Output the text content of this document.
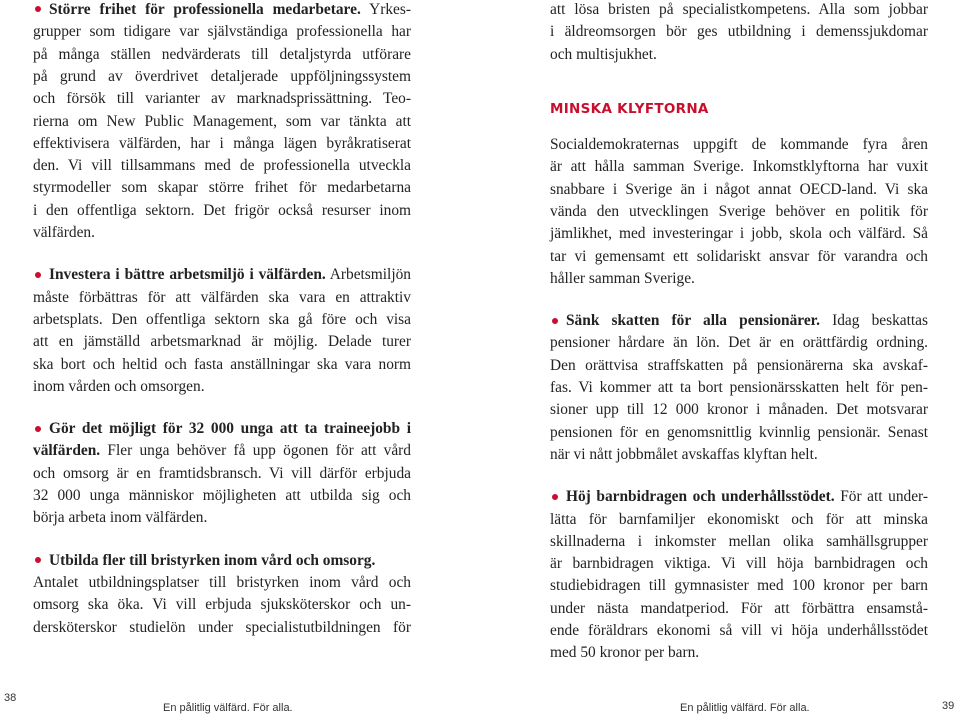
Större frihet för professionella medarbetare. Yrkes-
grupper som tidigare var självständiga professionella har
på många ställen nedvärderats till detaljstyrda utförare
på grund av överdrivet detaljerade uppföljningssystem
och försök till varianter av marknadsprissättning. Teo-
rierna om New Public Management, som var tänkta att
effektivisera välfärden, har i många lägen byråkratiserat
den. Vi vill tillsammans med de professionella utveckla
styrmodeller som skapar större frihet för medarbetarna
i den offentliga sektorn. Det frigör också resurser inom
välfärden.
Investera i bättre arbetsmiljö i välfärden. Arbetsmiljön
måste förbättras för att välfärden ska vara en attraktiv
arbetsplats. Den offentliga sektorn ska gå före och visa
att en jämställd arbetsmarknad är möjlig. Delade turer
ska bort och heltid och fasta anställningar ska vara norm
inom vården och omsorgen.
Gör det möjligt för 32 000 unga att ta traineejobb i
välfärden. Fler unga behöver få upp ögonen för att vård
och omsorg är en framtidsbransch. Vi vill därför erbjuda
32 000 unga människor möjligheten att utbilda sig och
börja arbeta inom välfärden.
Utbilda fler till bristyrken inom vård och omsorg.
Antalet utbildningsplatser till bristyrken inom vård och
omsorg ska öka. Vi vill erbjuda sjuksköterskor och un-
dersköterskor studielön under specialistutbildningen för
att lösa bristen på specialistkompetens. Alla som jobbar
i äldreomsorgen bör ges utbildning i demenssjukdomar
och multisjukhet.
MINSKA KLYFTORNA
Socialdemokraternas uppgift de kommande fyra åren
är att hålla samman Sverige. Inkomstklyftorna har vuxit
snabbare i Sverige än i något annat OECD-land. Vi ska
vända den utvecklingen Sverige behöver en politik för
jämlikhet, med investeringar i jobb, skola och välfärd. Så
tar vi gemensamt ett solidariskt ansvar för varandra och
håller samman Sverige.
Sänk skatten för alla pensionärer. Idag beskattas
pensioner hårdare än lön. Det är en orättfärdig ordning.
Den orättvisa straffskatten på pensionärerna ska avskaf-
fas. Vi kommer att ta bort pensionärsskatten helt för pen-
sioner upp till 12 000 kronor i månaden. Det motsvarar
pensionen för en genomsnittlig kvinnlig pensionär. Senast
när vi nått jobbmålet avskaffas klyftan helt.
Höj barnbidragen och underhållsstödet. För att under-
lätta för barnfamiljer ekonomiskt och för att minska
skillnaderna i inkomster mellan olika samhällsgrupper
är barnbidragen viktiga. Vi vill höja barnbidragen och
studiebidragen till gymnasister med 100 kronor per barn
under nästa mandatperiod. För att förbättra ensamstå-
ende föräldrars ekonomi så vill vi höja underhållsstödet
med 50 kronor per barn.
38
En pålitlig välfärd. För alla.	En pålitlig välfärd. För alla.	39
